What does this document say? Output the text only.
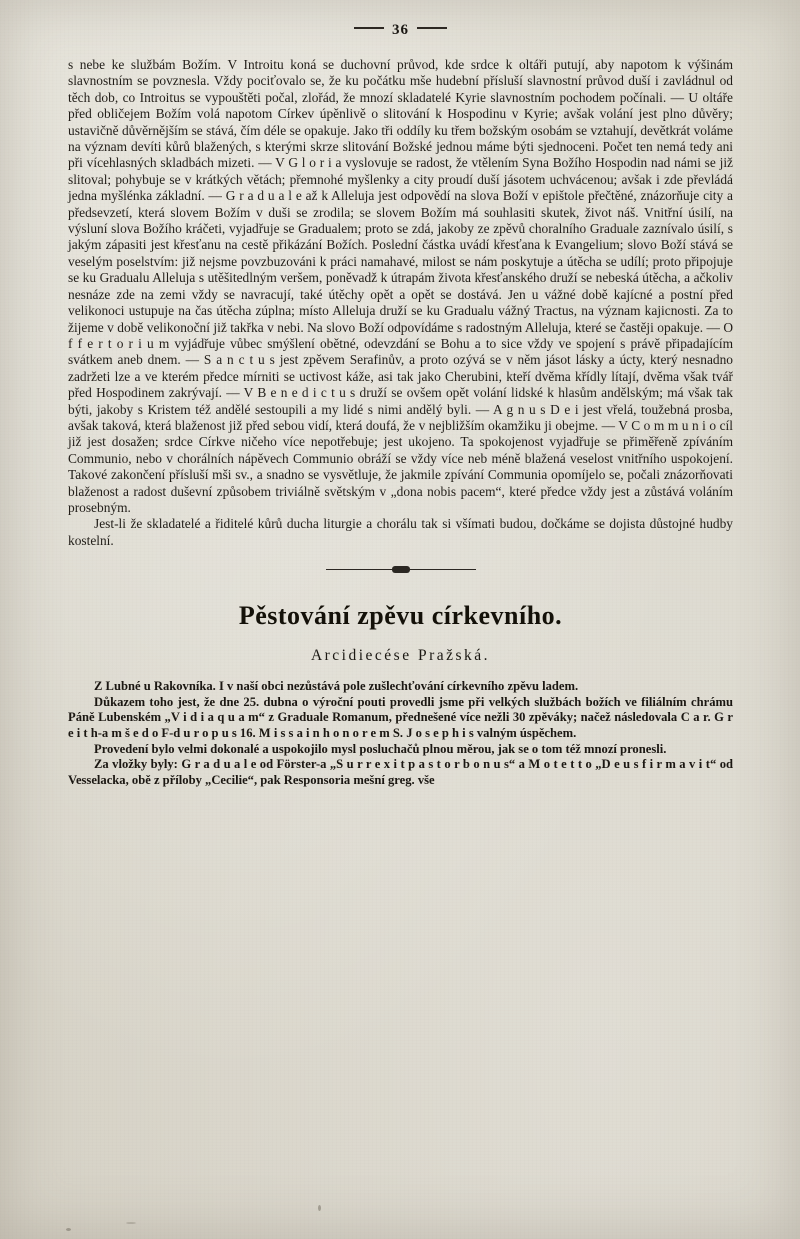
36

s nebe ke službám Božím. V Introitu koná se duchovní průvod, kde srdce k oltáři putují, aby napotom k výšinám slavnostním se povznesla. Vždy pociťovalo se, že ku počátku mše hudební přísluší slavnostní průvod duší i zavládnul od těch dob, co Introitus se vypouštěti počal, zlořád, že mnozí skladatelé Kyrie slavnostním pochodem počínali. — U oltáře před obličejem Božím volá napotom Církev úpěnlivě o slitování k Hospodinu v Kyrie; avšak volání jest plno důvěry; ustavičně důvěrnějším se stává, čím déle se opakuje. Jako tři oddíly ku třem božským osobám se vztahují, devětkrát voláme na význam devíti kůrů blažených, s kterými skrze slitování Božské jednou máme býti sjednoceni. Počet ten nemá tedy ani při vícehlasných skladbách mizeti. — V G l o r i a vyslovuje se radost, že vtělením Syna Božího Hospodin nad námi se již slitoval; pohybuje se v krátkých větách; přemnohé myšlenky a city proudí duší jásotem uchvácenou; avšak i zde převládá jedna myšlénka základní. — G r a d u a l e až k Alleluja jest odpovědí na slova Boží v epištole přečtěné, znázorňuje city a předsevzetí, která slovem Božím v duši se zrodila; se slovem Božím má souhlasiti skutek, život náš. Vnitřní úsilí, na výsluní slova Božího kráčeti, vyjadřuje se Gradualem; proto se zdá, jakoby ze zpěvů choralního Graduale zaznívalo úsilí, s jakým zápasiti jest křesťanu na cestě přikázání Božích. Poslední částka uvádí křesťana k Evangelium; slovo Boží stává se veselým poselstvím: již nejsme povzbuzováni k práci namahavé, milost se nám poskytuje a útěcha se udílí; proto připojuje se ku Gradualu Alleluja s utěšitedlným veršem, poněvadž k útrapám života křesťanského druží se nebeská útěcha, a ačkoliv nesnáze zde na zemi vždy se navracují, také útěchy opět a opět se dostává. Jen u vážné době kajícné a postní před velikonoci ustupuje na čas útěcha zúplna; místo Alleluja druží se ku Gradualu vážný Tractus, na význam kajicnosti. Za to žijeme v době velikonoční již takřka v nebi. Na slovo Boží odpovídáme s radostným Alleluja, které se častěji opakuje. — O f f e r t o r i u m vyjádřuje vůbec smýšlení obětné, odevzdání se Bohu a to sice vždy ve spojení s právě připadajícím svátkem aneb dnem. — S a n c t u s jest zpěvem Serafinův, a proto ozývá se v něm jásot lásky a úcty, který nesnadno zadržeti lze a ve kterém předce mírniti se uctivost káže, asi tak jako Cherubini, kteří dvěma křídly lítají, dvěma však tvář před Hospodinem zakrývají. — V B e n e d i c t u s druží se ovšem opět volání lidské k hlasům andělským; má však tak býti, jakoby s Kristem též andělé sestoupili a my lidé s nimi andělý byli. — A g n u s D e i jest vřelá, toužebná prosba, avšak taková, která blaženost již před sebou vidí, která doufá, že v nejbližším okamžiku ji obejme. — V C o m m u n i o cíl již jest dosažen; srdce Církve ničeho více nepotřebuje; jest ukojeno. Ta spokojenost vyjadřuje se přiměřeně zpíváním Communio, nebo v chorálních nápěvech Communio obráží se vždy více neb méně blažená veselost vnitřního uspokojení. Takové zakončení přísluší mši sv., a snadno se vysvětluje, že jakmile zpívání Communia opomíjelo se, počali znázorňovati blaženost a radost duševní způsobem triviálně světským v „dona nobis pacem“, které předce vždy jest a zůstává voláním prosebným.

Jest-li že skladatelé a řiditelé kůrů ducha liturgie a chorálu tak si všímati budou, dočkáme se dojista důstojné hudby kostelní.

Pěstování zpěvu církevního.
Arcidiecése Pražská.

Z Lubné u Rakovníka. I v naší obci nezůstává pole zušlechťování církevního zpěvu ladem.

Důkazem toho jest, že dne 25. dubna o výroční pouti provedli jsme při velkých službách božích ve filiálním chrámu Páně Lubenském „V i d i a q u a m“ z Graduale Romanum, přednešené více nežli 30 zpěváky; načež následovala C a r. G r e i t h-a m š e d o F-d u r o p u s 16. M i s s a i n h o n o r e m S. J o s e p h i s valným úspěchem.

Provedení bylo velmi dokonalé a uspokojilo mysl posluchačů plnou měrou, jak se o tom též mnozí pronesli.

Za vložky byly: G r a d u a l e od Förster-a „S u r r e x i t p a s t o r b o n u s“ a M o t e t t o „D e u s f i r m a v i t“ od Vesselacka, obě z příloby „Cecilie“, pak Responsoria mešní greg. vše
